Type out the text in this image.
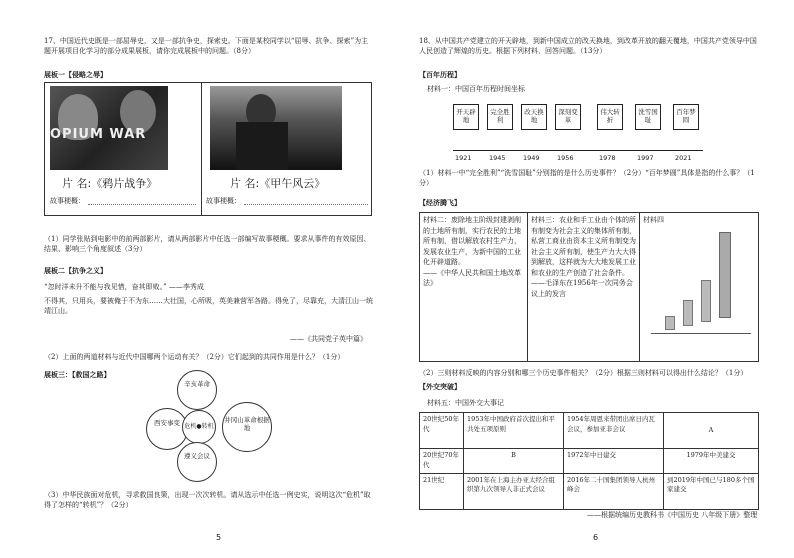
17、中国近代史既是一部屈辱史，又是一部抗争史，探索史。下面是某校同学以“屈辱、抗争、探索”为主题开展项目化学习的部分成果展板，请你完成展板中的问题。（8分）
展板一【侵略之辱】
OPIUM WAR
片 名:《鸦片战争》	片 名:《甲午风云》
故事梗概：	故事梗概：
（1）同学张贴到电影中的前两部影片，请从两部影片中任选一部编写故事梗概。要求从事件的有效原因、结果、影响三个角度叙述（3分）
展板二【抗争之义】
“忽时洋未升不能与我见惜，奋其即败。” ——李秀成
不得其，只用兵，要被俺于不为东……大壮国，心所吸，英美兼营军各路。得免了，尽靠充，大清江山一统靖江山。
——《共同党子英中篇》
（2）上面的两道材料与近代中国哪两个运动有关？（2分）它们起到的共同作用是什么？（1分）
展板三：【救国之路】
辛亥革命
西安事变 危机●转机
井冈山革命根据地
遵义会议
（3）中华民族面对危机，寻求救国良策，出现一次次转机。请从选示中任选一例史实，说明这次“危机”取得了怎样的“转机”？（2分）
5
18、从中国共产党建立的开天辟地，到新中国成立的改天换地，到改革开放的翻天覆地，中国共产党领导中国人民创造了辉煌的历史。根据下列材料，回答问题。（13分）
【百年历程】
材料一：中国百年历程时间坐标
开天辟地
完全胜利
改天换地
深刻变革
伟大转折
洗雪国耻
百年梦圆
1921	1945	1949	1956	1978	1997	2021
（1）材料一中“完全胜利”“洗雪国耻”分别指的是什么历史事件？（2分）“百年梦圆”具体是指的什么事？（1分）
【经济腾飞】
材料二：废除地主阶级封建剥削的土地所有制，实行农民的土地所有制，借以解放农村生产力，发展农业生产，为新中国的工业化开辟道路。
——《中华人民共和国土地改革法》

材料三：农业和手工业由个体的所有制变为社会主义的集体所有制，私营工商业由资本主义所有制变为社会主义所有制，使生产力大大得到解放，这样就为大大地发展工业和农业的生产创造了社会条件。
——毛泽东在1956年一次同务会议上的发言

材料四
（2）三则材料反映的内容分别和哪三个历史事件相关？（2分）根据三则材料可以得出什么结论？（1分）
【外交突破】
材料五：中国外交大事记
20世纪50年代	1953年中国政府首次提出和平共处五项原则	1954年周恩来带团出席日内瓦会议，参加亚非会议	A
20世纪70年代	B	1972年中日建交	1979年中美建交
21世纪	2001年在上海主办亚太经合组织第九次领导人非正式会议	2016年二十国集团领导人杭州峰会	到2019年中国已与180多个国家建交
——根据统编历史教科书《中国历史 八年级下册》整理
6
